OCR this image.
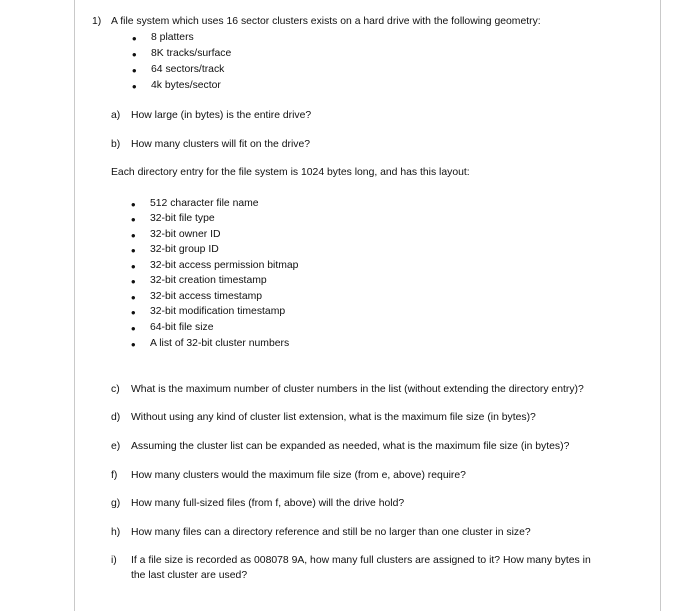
1) A file system which uses 16 sector clusters exists on a hard drive with the following geometry:
• 8 platters
• 8K tracks/surface
• 64 sectors/track
• 4k bytes/sector
a) How large (in bytes) is the entire drive?
b) How many clusters will fit on the drive?
Each directory entry for the file system is 1024 bytes long, and has this layout:
• 512 character file name
• 32-bit file type
• 32-bit owner ID
• 32-bit group ID
• 32-bit access permission bitmap
• 32-bit creation timestamp
• 32-bit access timestamp
• 32-bit modification timestamp
• 64-bit file size
• A list of 32-bit cluster numbers
c) What is the maximum number of cluster numbers in the list (without extending the directory entry)?
d) Without using any kind of cluster list extension, what is the maximum file size (in bytes)?
e) Assuming the cluster list can be expanded as needed, what is the maximum file size (in bytes)?
f) How many clusters would the maximum file size (from e, above) require?
g) How many full-sized files (from f, above) will the drive hold?
h) How many files can a directory reference and still be no larger than one cluster in size?
i) If a file size is recorded as 008078 9A, how many full clusters are assigned to it? How many bytes in
the last cluster are used?
